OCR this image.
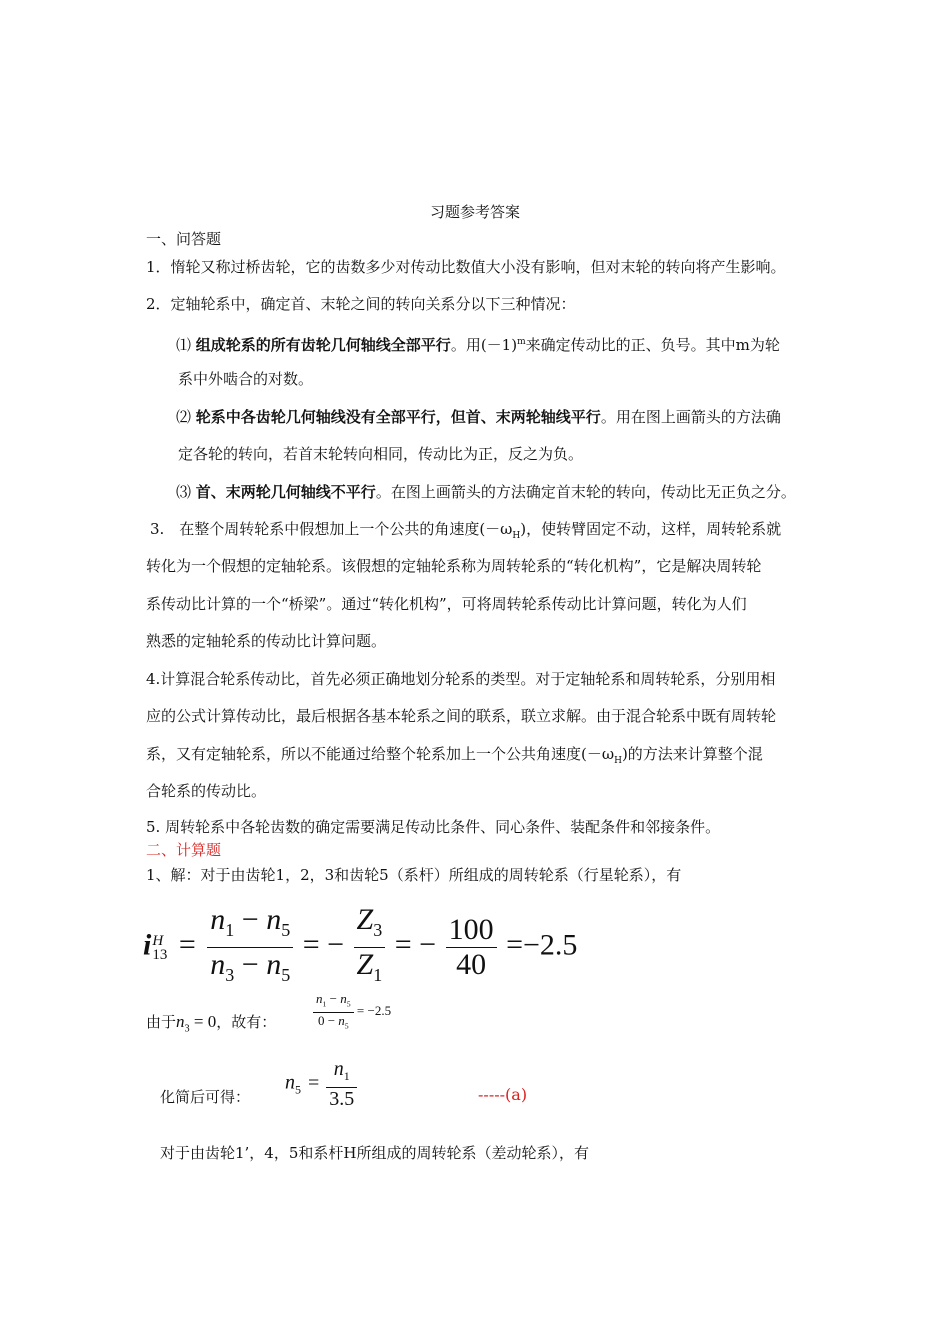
习题参考答案
一、问答题
1．惰轮又称过桥齿轮，它的齿数多少对传动比数值大小没有影响，但对末轮的转向将产生影响。
2．定轴轮系中，确定首、末轮之间的转向关系分以下三种情况：
⑴ 组成轮系的所有齿轮几何轴线全部平行。用$(-1)^m$来确定传动比的正、负号。其中m为轮
系中外啮合的对数。
⑵ 轮系中各齿轮几何轴线没有全部平行，但首、末两轮轴线平行。用在图上画箭头的方法确
定各轮的转向，若首末轮转向相同，传动比为正，反之为负。
⑶ 首、末两轮几何轴线不平行。在图上画箭头的方法确定首末轮的转向，传动比无正负之分。
3.　在整个周转轮系中假想加上一个公共的角速度$(-\omega_H)$，使转臂固定不动，这样，周转轮系就
转化为一个假想的定轴轮系。该假想的定轴轮系称为周转轮系的“转化机构”，它是解决周转轮
系传动比计算的一个“桥梁”。通过“转化机构”，可将周转轮系传动比计算问题，转化为人们
熟悉的定轴轮系的传动比计算问题。
4.计算混合轮系传动比，首先必须正确地划分轮系的类型。对于定轴轮系和周转轮系，分别用相
应的公式计算传动比，最后根据各基本轮系之间的联系，联立求解。由于混合轮系中既有周转轮
系，又有定轴轮系，所以不能通过给整个轮系加上一个公共角速度$(-\omega_H)$的方法来计算整个混
合轮系的传动比。
5. 周转轮系中各轮齿数的确定需要满足传动比条件、同心条件、装配条件和邻接条件。
二、计算题
1、解：对于由齿轮1，2，3和齿轮5（系杆）所组成的周转轮系（行星轮系），有
i H
$13 = \frac{n_1 - n_5}{n_3 - n_5}$ = − $\frac{Z_3}{Z_1}$ = − $\frac{100}{40} =-2.5$
由于$n_3 = 0$，故有：	$\frac{n_1 - n_5}{0 - n_5} = -2.5$
化简后可得：
$n_5 = \frac{n_1}{3.5}$	-----(a)
对于由齿轮1’，4，5和系杆H所组成的周转轮系（差动轮系），有
